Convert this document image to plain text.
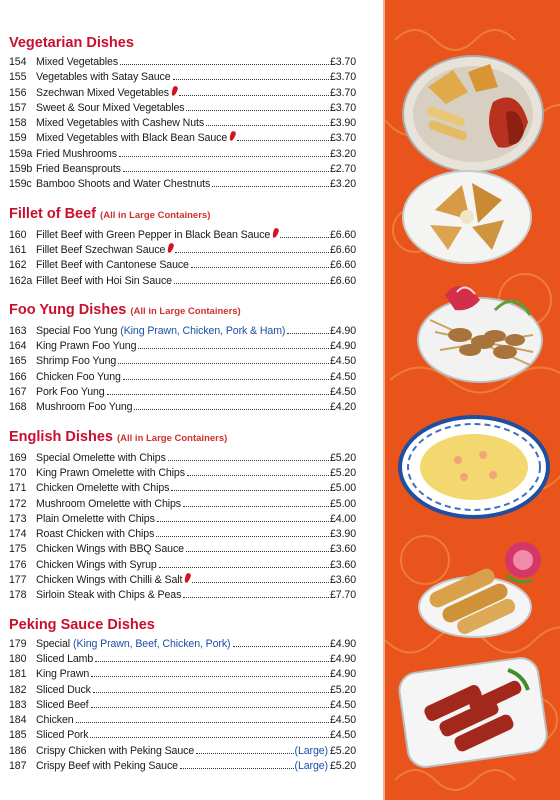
Vegetarian Dishes
154 Mixed Vegetables	£3.70
155 Vegetables with Satay Sauce	£3.70
156 Szechwan Mixed Vegetables	£3.70
157 Sweet & Sour Mixed Vegetables	£3.70
158 Mixed Vegetables with Cashew Nuts	£3.90
159 Mixed Vegetables with Black Bean Sauce	£3.70
159a Fried Mushrooms	£3.20
159b Fried Beansprouts	£2.70
159c Bamboo Shoots and Water Chestnuts	£3.20
Fillet of Beef (All in Large Containers)
160 Fillet Beef with Green Pepper in Black Bean Sauce	£6.60
161 Fillet Beef Szechwan Sauce	£6.60
162 Fillet Beef with Cantonese Sauce	£6.60
162a Fillet Beef with Hoi Sin Sauce	£6.60
Foo Yung Dishes (All in Large Containers)
163 Special Foo Yung (King Prawn, Chicken, Pork & Ham)	£4.90
164 King Prawn Foo Yung	£4.90
165 Shrimp Foo Yung	£4.50
166 Chicken Foo Yung	£4.50
167 Pork Foo Yung	£4.50
168 Mushroom Foo Yung	£4.20
English Dishes (All in Large Containers)
169 Special Omelette with Chips	£5.20
170 King Prawn Omelette with Chips	£5.20
171 Chicken Omelette with Chips	£5.00
172 Mushroom Omelette with Chips	£5.00
173 Plain Omelette with Chips	£4.00
174 Roast Chicken with Chips	£3.90
175 Chicken Wings with BBQ Sauce	£3.60
176 Chicken Wings with Syrup	£3.60
177 Chicken Wings with Chilli & Salt	£3.60
178 Sirloin Steak with Chips & Peas	£7.70
Peking Sauce Dishes
179 Special (King Prawn, Beef, Chicken, Pork)	£4.90
180 Sliced Lamb	£4.90
181 King Prawn	£4.90
182 Sliced Duck	£5.20
183 Sliced Beef	£4.50
184 Chicken	£4.50
185 Sliced Pork	£4.50
186 Crispy Chicken with Peking Sauce	(Large) £5.20
187 Crispy Beef with Peking Sauce	(Large) £5.20
